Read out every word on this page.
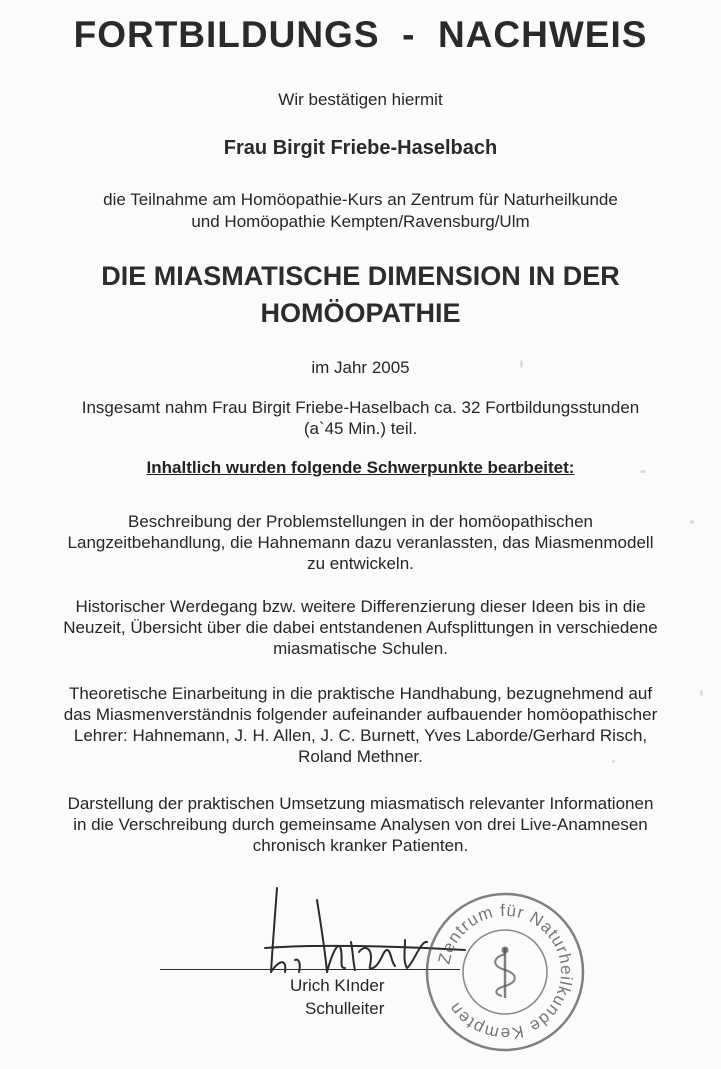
FORTBILDUNGS  -  NACHWEIS
Wir bestätigen hiermit
Frau Birgit Friebe-Haselbach
die Teilnahme am Homöopathie-Kurs an Zentrum für Naturheilkunde
und Homöopathie Kempten/Ravensburg/Ulm
DIE MIASMATISCHE DIMENSION IN DER
HOMÖOPATHIE
im Jahr 2005
Insgesamt nahm Frau Birgit Friebe-Haselbach ca. 32 Fortbildungsstunden
(a`45 Min.) teil.
Inhaltlich wurden folgende Schwerpunkte bearbeitet:
Beschreibung der Problemstellungen in der homöopathischen
Langzeitbehandlung, die Hahnemann dazu veranlassten, das Miasmenmodell
zu entwickeln.
Historischer Werdegang bzw. weitere Differenzierung dieser Ideen bis in die
Neuzeit, Übersicht über die dabei entstandenen Aufsplittungen in verschiedene
miasmatische Schulen.
Theoretische Einarbeitung in die praktische Handhabung, bezugnehmend auf
das Miasmenverständnis folgender aufeinander aufbauender homöopathischer
Lehrer: Hahnemann, J. H. Allen, J. C. Burnett, Yves Laborde/Gerhard Risch,
Roland Methner.
Darstellung der praktischen Umsetzung miasmatisch relevanter Informationen
in die Verschreibung durch gemeinsame Analysen von drei Live-Anamnesen
chronisch kranker Patienten.
Urich KInder
Schulleiter
Zentrum für Naturheilkunde Kempten
